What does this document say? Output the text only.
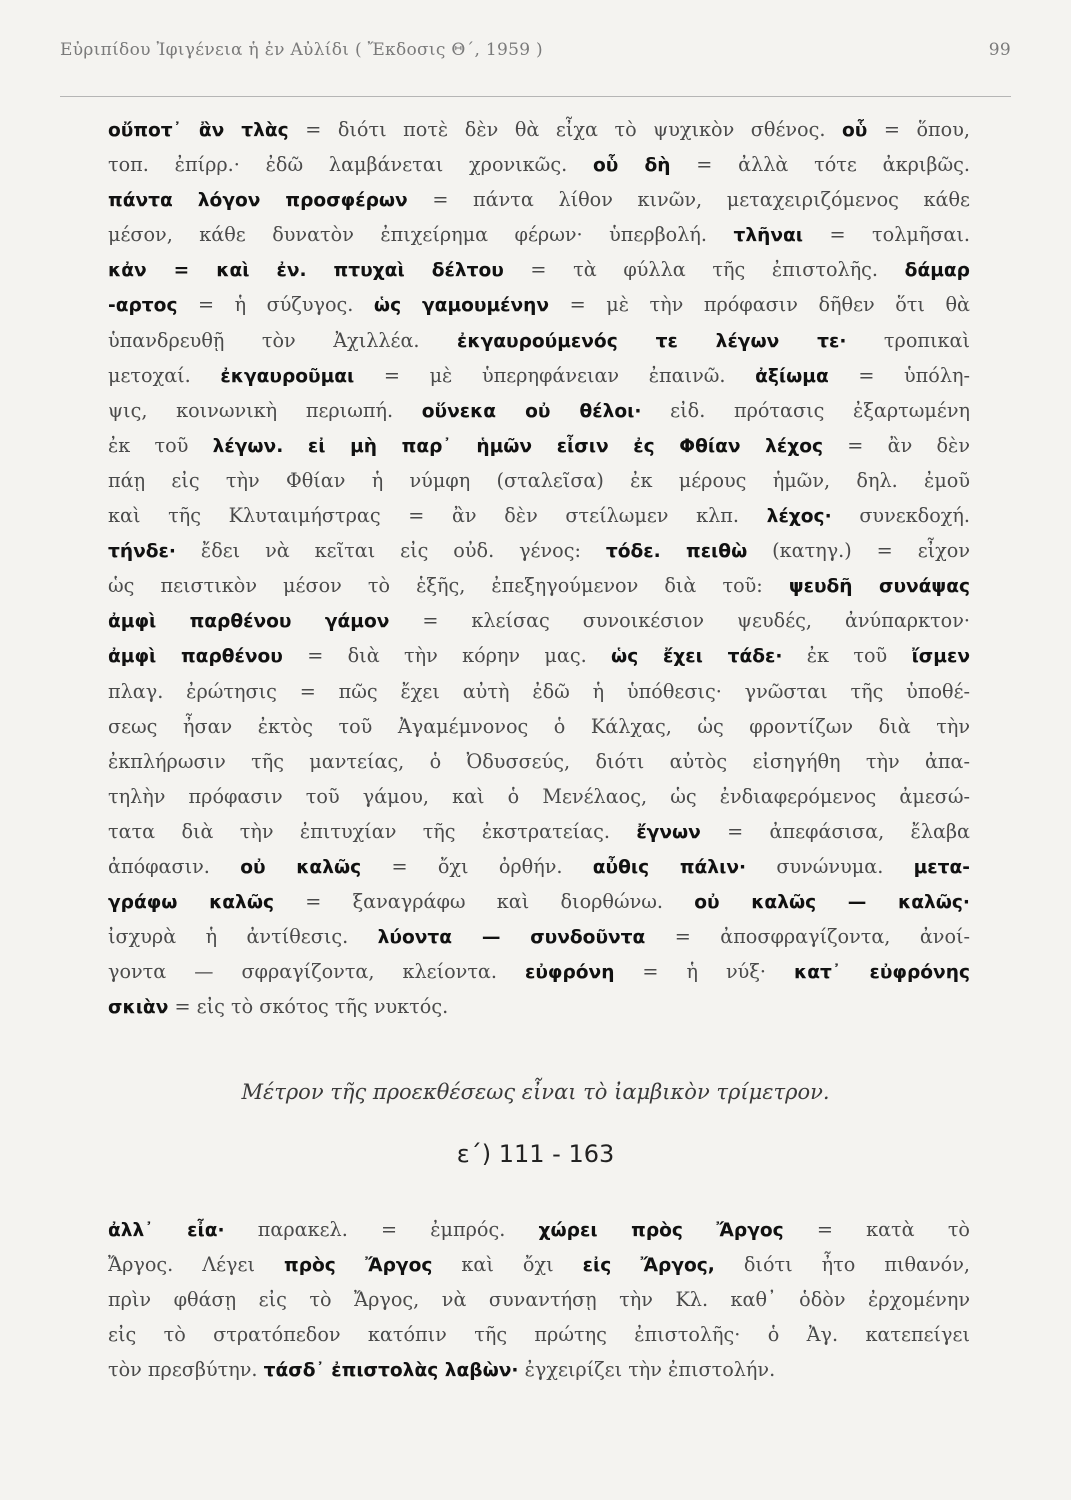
Εὐριπίδου Ἰφιγένεια ἡ ἐν Αὐλίδι ( Ἔκδοσις Θ΄, 1959 )	99
οὔποτ᾽ ἂν τλὰς = διότι ποτὲ δὲν θὰ εἶχα τὸ ψυχικὸν σθένος. οὗ = ὅπου,
τοπ. ἐπίρρ.· ἐδῶ λαμβάνεται χρονικῶς. οὗ δὴ = ἀλλὰ τότε ἀκριβῶς.
πάντα λόγον προσφέρων = πάντα λίθον κινῶν, μεταχειριζόμενος κάθε
μέσον, κάθε δυνατὸν ἐπιχείρημα φέρων· ὑπερβολή. τλῆναι = τολμῆσαι.
κἀν = καὶ ἐν. πτυχαὶ δέλτου = τὰ φύλλα τῆς ἐπιστολῆς. δάμαρ
-αρτος = ἡ σύζυγος. ὡς γαμουμένην = μὲ τὴν πρόφασιν δῆθεν ὅτι θὰ
ὑπανδρευθῇ τὸν Ἀχιλλέα. ἐκγαυρούμενός τε λέγων τε· τροπικαὶ
μετοχαί. ἐκγαυροῦμαι = μὲ ὑπερηφάνειαν ἐπαινῶ. ἀξίωμα = ὑπόλη-
ψις, κοινωνικὴ περιωπή. οὕνεκα οὐ θέλοι· εἰδ. πρότασις ἐξαρτωμένη
ἐκ τοῦ λέγων. εἰ μὴ παρ᾽ ἡμῶν εἶσιν ἐς Φθίαν λέχος = ἂν δὲν
πάῃ εἰς τὴν Φθίαν ἡ νύμφη (σταλεῖσα) ἐκ μέρους ἡμῶν, δηλ. ἐμοῦ
καὶ τῆς Κλυταιμήστρας = ἂν δὲν στείλωμεν κλπ. λέχος· συνεκδοχή.
τήνδε· ἔδει νὰ κεῖται εἰς οὐδ. γένος: τόδε. πειθὼ (κατηγ.) = εἶχον
ὡς πειστικὸν μέσον τὸ ἑξῆς, ἐπεξηγούμενον διὰ τοῦ: ψευδῆ συνάψας
ἀμφὶ παρθένου γάμον = κλείσας συνοικέσιον ψευδές, ἀνύπαρκτον·
ἀμφὶ παρθένου = διὰ τὴν κόρην μας. ὡς ἔχει τάδε· ἐκ τοῦ ἴσμεν
πλαγ. ἐρώτησις = πῶς ἔχει αὐτὴ ἐδῶ ἡ ὑπόθεσις· γνῶσται τῆς ὑποθέ-
σεως ἦσαν ἐκτὸς τοῦ Ἀγαμέμνονος ὁ Κάλχας, ὡς φροντίζων διὰ τὴν
ἐκπλήρωσιν τῆς μαντείας, ὁ Ὀδυσσεύς, διότι αὐτὸς εἰσηγήθη τὴν ἀπα-
τηλὴν πρόφασιν τοῦ γάμου, καὶ ὁ Μενέλαος, ὡς ἐνδιαφερόμενος ἀμεσώ-
τατα διὰ τὴν ἐπιτυχίαν τῆς ἐκστρατείας. ἔγνων = ἀπεφάσισα, ἔλαβα
ἀπόφασιν. οὐ καλῶς = ὄχι ὀρθήν. αὖθις πάλιν· συνώνυμα. μετα-
γράφω καλῶς = ξαναγράφω καὶ διορθώνω. οὐ καλῶς — καλῶς·
ἰσχυρὰ ἡ ἀντίθεσις. λύοντα — συνδοῦντα = ἀποσφραγίζοντα, ἀνοί-
γοντα — σφραγίζοντα, κλείοντα. εὐφρόνη = ἡ νύξ· κατ᾽ εὐφρόνης
σκιὰν = εἰς τὸ σκότος τῆς νυκτός.
Μέτρον τῆς προεκθέσεως εἶναι τὸ ἰαμβικὸν τρίμετρον.
ε΄) 111 - 163
ἀλλ᾽ εἶα· παρακελ. = ἐμπρός. χώρει πρὸς Ἄργος = κατὰ τὸ
Ἄργος. Λέγει πρὸς Ἄργος καὶ ὄχι εἰς Ἄργος, διότι ἦτο πιθανόν,
πρὶν φθάσῃ εἰς τὸ Ἄργος, νὰ συναντήσῃ τὴν Κλ. καθ᾽ ὁδὸν ἐρχομένην
εἰς τὸ στρατόπεδον κατόπιν τῆς πρώτης ἐπιστολῆς· ὁ Ἀγ. κατεπείγει
τὸν πρεσβύτην. τάσδ᾽ ἐπιστολὰς λαβὼν· ἐγχειρίζει τὴν ἐπιστολήν.
